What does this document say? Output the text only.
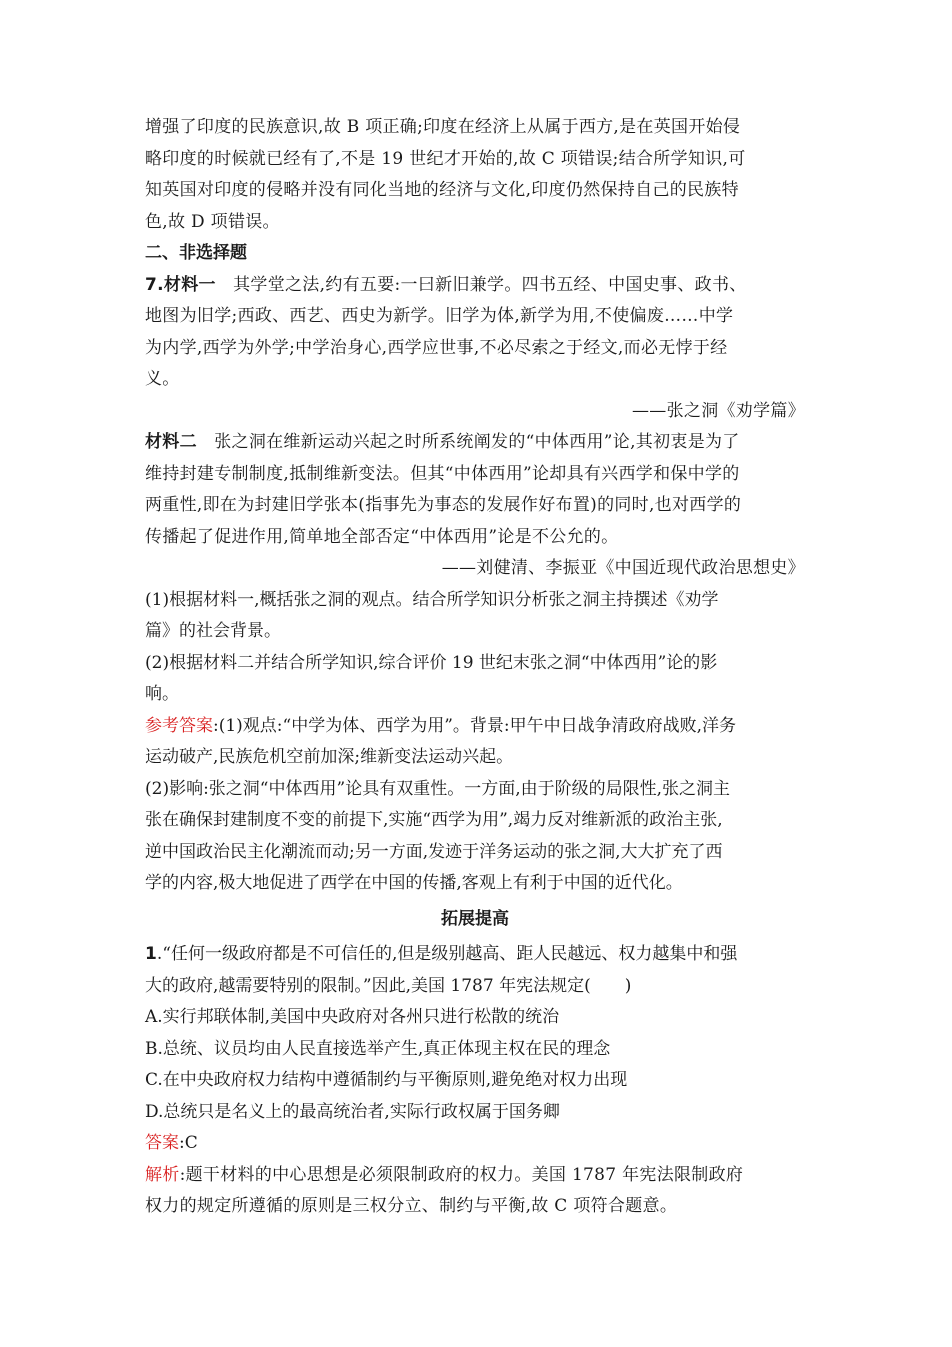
增强了印度的民族意识,故 B 项正确;印度在经济上从属于西方,是在英国开始侵

略印度的时候就已经有了,不是 19 世纪才开始的,故 C 项错误;结合所学知识,可

知英国对印度的侵略并没有同化当地的经济与文化,印度仍然保持自己的民族特

色,故 D 项错误。

二、非选择题

7.材料一　 其学堂之法,约有五要:一曰新旧兼学。四书五经、中国史事、政书、

地图为旧学;西政、西艺、西史为新学。旧学为体,新学为用,不使偏废……中学

为内学,西学为外学;中学治身心,西学应世事,不必尽索之于经文,而必无悖于经

义。

——张之洞《劝学篇》

材料二　 张之洞在维新运动兴起之时所系统阐发的“中体西用”论,其初衷是为了

维持封建专制制度,抵制维新变法。但其“中体西用”论却具有兴西学和保中学的

两重性,即在为封建旧学张本(指事先为事态的发展作好布置)的同时,也对西学的

传播起了促进作用,简单地全部否定“中体西用”论是不公允的。

——刘健清、李振亚《中国近现代政治思想史》

(1)根据材料一,概括张之洞的观点。结合所学知识分析张之洞主持撰述《劝学

篇》的社会背景。

(2)根据材料二并结合所学知识,综合评价 19 世纪末张之洞“中体西用”论的影

响。

参考答案:(1)观点:“中学为体、西学为用”。背景:甲午中日战争清政府战败,洋务

运动破产,民族危机空前加深;维新变法运动兴起。

(2)影响:张之洞“中体西用”论具有双重性。一方面,由于阶级的局限性,张之洞主

张在确保封建制度不变的前提下,实施“西学为用”,竭力反对维新派的政治主张,

逆中国政治民主化潮流而动;另一方面,发迹于洋务运动的张之洞,大大扩充了西

学的内容,极大地促进了西学在中国的传播,客观上有利于中国的近代化。

拓展提高

1.“任何一级政府都是不可信任的,但是级别越高、距人民越远、权力越集中和强

大的政府,越需要特别的限制。”因此,美国 1787 年宪法规定(　　)

A.实行邦联体制,美国中央政府对各州只进行松散的统治

B.总统、议员均由人民直接选举产生,真正体现主权在民的理念

C.在中央政府权力结构中遵循制约与平衡原则,避免绝对权力出现

D.总统只是名义上的最高统治者,实际行政权属于国务卿

答案:C

解析:题干材料的中心思想是必须限制政府的权力。美国 1787 年宪法限制政府

权力的规定所遵循的原则是三权分立、制约与平衡,故 C 项符合题意。
